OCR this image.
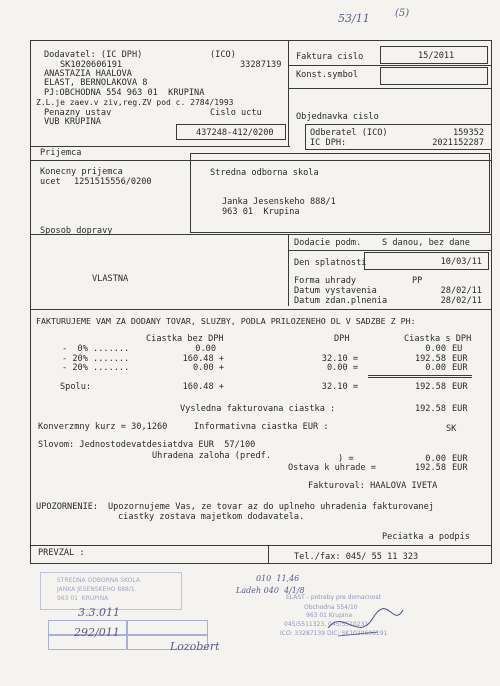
53/11	(5)
Dodavatel: (IC DPH)	(ICO)
SK1020606191	33287139
ANASTAZIA HAALOVA
ELAST, BERNOLAKOVA 8
PJ:OBCHODNA 554 963 01  KRUPINA
Z.L.je zaev.v ziv,reg.ZV pod c. 2784/1993
Penazny ustav	Cislo uctu
VUB KRUPINA
437248-412/0200
Faktura cislo	15/2011
Konst.symbol
Objednavka cislo
Odberatel (ICO)	159352
IC DPH:	2021152287
Prijemca
Konecny prijemca
ucet 1251515556/0200
Stredna odborna skola
Janka Jesenskeho 888/1
963 01  Krupina
Sposob dopravy
VLASTNA
Dodacie podm. S danou, bez dane
Den splatnosti	10/03/11
Forma uhrady	PP
Datum vystavenia	28/02/11
Datum zdan.plnenia	28/02/11
FAKTURUJEME VAM ZA DODANY TOVAR, SLUZBY, PODLA PRILOZENEHO DL V SADZBE Z PH:
Ciastka bez DPH	DPH	Ciastka s DPH
-  0% .......	0.00	0.00 EU
- 20% .......	160.48 +	32.10 =	192.58 EUR
- 20% .......	0.00 +	0.00 =	0.00 EUR
Spolu:	160.48 +	32.10 =	192.58 EUR
Vysledna fakturovana ciastka :	192.58 EUR
Konverzmny kurz = 30,1260	Informativna ciastka EUR :	SK
Slovom: Jednostodevatdesiatdva EUR  57/100
Uhradena zaloha (predf.	) =	0.00 EUR
Ostava k uhrade =	192.58 EUR
Fakturoval: HAALOVA IVETA
UPOZORNENIE: Upozornujeme Vas, ze tovar az do uplneho uhradenia fakturovanej
ciastky zostava majetkom dodavatela.
Peciatka a podpis
PREVZAL :	Tel./fax: 045/ 55 11 323
STREDNA ODBORNA SKOLA
JANKA JESENSKEHO 888/1
963 01  KRUPINA
3.3.011
292/011
Lozobert
010  11,46
Ladeh 040  4/1/8
ELAST - potreby pre domacnost
Obchodna 554/10
963 01 Krupina
045/5511323, 045/5510231
ICO: 33287139 DIC: SK1020606191
